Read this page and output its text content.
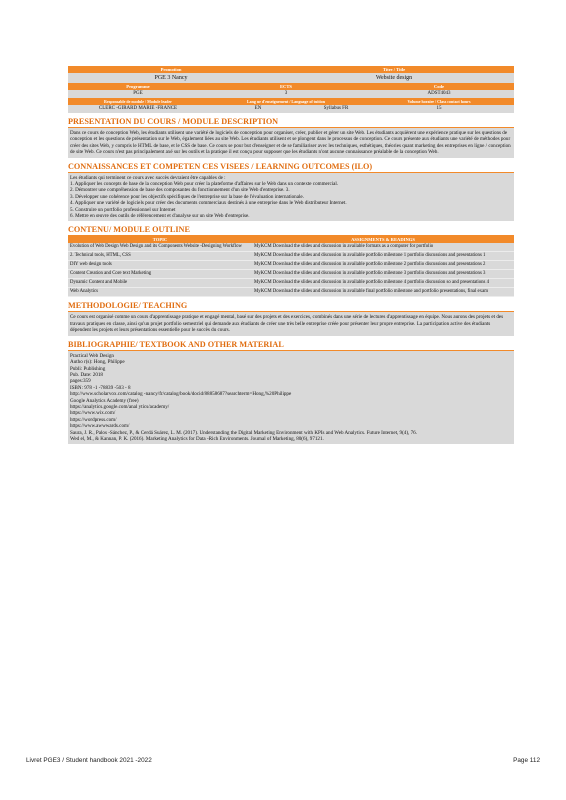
Promotion	Titre / Title
PGE 3 Nancy	Website design
Programme	ECTS	Code
PGE	3	ADST4043
Responsable de module / Module leader	Lang ue d'enseignement / Language of tuition	Volume horaire / Class contact hours
CLERC -GIRARD MARIE -FRANCE	EN	Syllabus FR	15
PRESENTATION DU COURS / MODULE DESCRIPTION

Dans ce cours de conception Web, les étudiants utilisent une variété de logiciels de conception pour organiser, créer, publier et gérer un site Web. Les étudiants acquièrent une expérience pratique sur les questions de conception et les questions de présentation sur le Web, également liées au site Web. Les étudiants utilisent et se plongent dans le processus de conception. Ce cours présente aux étudiants une variété de méthodes pour créer des sites Web, y compris le HTML de base, et le CSS de base. Ce cours se pour but d'enseigner et de se familiariser avec les techniques, esthétiques, théories quant marketing des entreprises en ligne / conception de site Web. Ce cours n'est pas principalement axé sur les outils et la pratique il est conçu pour supposer que les étudiants n'ont aucune connaissance préalable de la conception Web.

CONNAISSANCES ET COMPETEN CES VISEES / LEARNING OUTCOMES (ILO)

Les étudiants qui terminent ce cours avec succès devraient être capables de :

1. Appliquer les concepts de base de la conception Web pour créer la plateforme d'affaires sur le Web dans un contexte commercial.

2. Démontrer une compréhension de base des composantes du fonctionnement d'un site Web d'entreprise. 3.

3. Développer une cohérence pour les objectifs spécifiques de l'entreprise sur la base de l'évaluation internationale.

4. Appliquer une variété de logiciels pour créer des documents commerciaux destinés à une entreprise dans le Web distributeur Internet.

5. Construire un portfolio professionnel sur Internet

6. Mettre en œuvre des outils de référencement et d'analyse sur un site Web d'entreprise.

CONTENU/ MODULE OUTLINE
TOPIC	ASSIGNMENTS & READINGS
Evolution of Web Design Web Design and its Components Website -Designing Workflow	MyKCM Download the slides and discussion in available formats as a computer for portfolio
2. Technical tools, HTML, CSS	MyKCM Download the slides and discussion in available portfolio milestone 1 portfolio discussions and presentations 1
DIY web design tools	MyKCM Download the slides and discussion in available portfolio milestone 2 portfolio discussions and presentations 2
Content Creation and Core text Marketing	MyKCM Download the slides and discussion in available portfolio milestone 3 portfolio discussions and presentations 3
Dynamic Content and Mobile	MyKCM Download the slides and discussion in available portfolio milestone 4 portfolio discussion so and presentations 4
Web Analytics	MyKCM Download the slides and discussion in available final portfolio milestone and portfolio presentations, final exam
METHODOLOGIE/ TEACHING

Ce cours est organisé comme un cours d'apprentissage pratique et engagé mental, basé sur des projets et des exercices, combinés dans une série de lectures d'apprentissage en équipe. Nous aurons des projets et des travaux pratiques en classe, ainsi qu'un projet portfolio semestriel qui demande aux étudiants de créer une très belle entreprise créée pour présenter leur propre entreprise. La participation active des étudiants dépendent les projets et leurs présentations essentielle pour le succès du cours.

BIBLIOGRAPHIE/ TEXTBOOK AND OTHER MATERIAL

Practical Web Design

Autho r(s): Hong, Philippe

Publi: Publishing

Pub. Date: 2018

pages:359

ISBN: 978 -1 -78839 -503 - 8

http://www.scholarvox.com/catalog -nancy/fr/catalog/book/docid/88858687?searchterm=Hong,%20Philippe

Google Analytics Academy (free)

https://analytics.google.com/anal ytics/academy/

https://www.wix.com/

https://wordpress.com/

https://www.awwwards.com/

Saura, J. R., Palos -Sánchez, P., & Cerdá Suárez, L. M. (2017). Understanding the Digital Marketing Environment with KPIs and Web Analytics. Future Internet, 9(4), 76.

Wed el, M., & Kannan, P. K. (2016). Marketing Analytics for Data -Rich Environments. Journal of Marketing, 80(6), 97121.

Livret PGE3 / Student handbook 2021 -2022	Page 112
